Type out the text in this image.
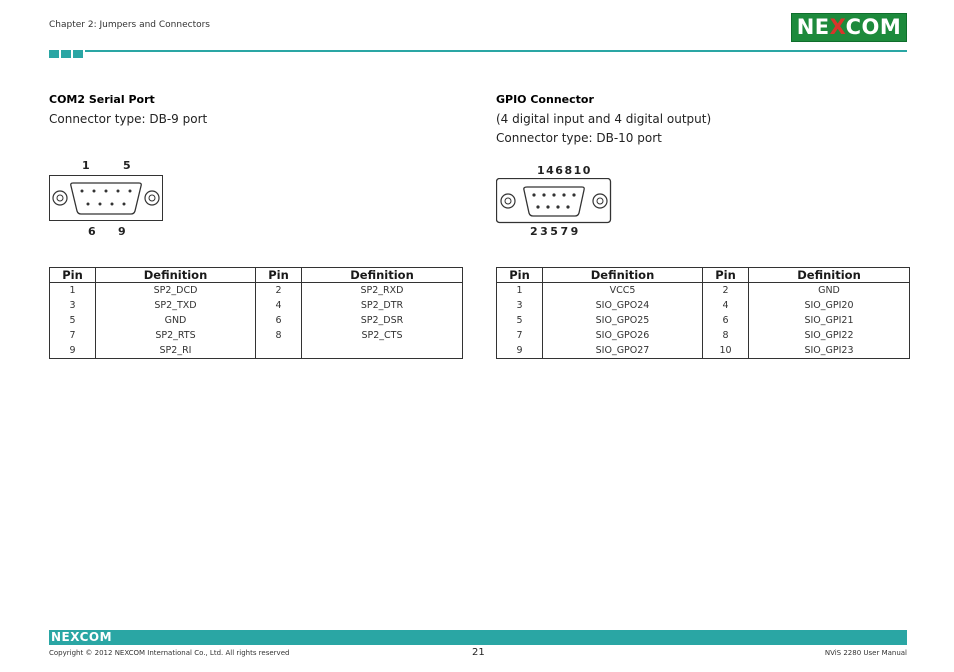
Chapter 2: Jumpers and Connectors	NEXCOM
COM2 Serial Port
Connector type: DB-9 port
1	5
6 9
Pin	Definition	Pin	Definition
1	SP2_DCD	2	SP2_RXD
3	SP2_TXD	4	SP2_DTR
5	GND	6	SP2_DSR
7	SP2_RTS	8	SP2_CTS
9	SP2_RI		
GPIO Connector
(4 digital input and 4 digital output)
Connector type: DB-10 port
146810
23579
Pin	Definition	Pin	Definition
1	VCC5	2	GND
3	SIO_GPO24	4	SIO_GPI20
5	SIO_GPO25	6	SIO_GPI21
7	SIO_GPO26	8	SIO_GPI22
9	SIO_GPO27	10	SIO_GPI23
NEXCOM
Copyright © 2012 NEXCOM International Co., Ltd. All rights reserved	21	NViS 2280 User Manual
